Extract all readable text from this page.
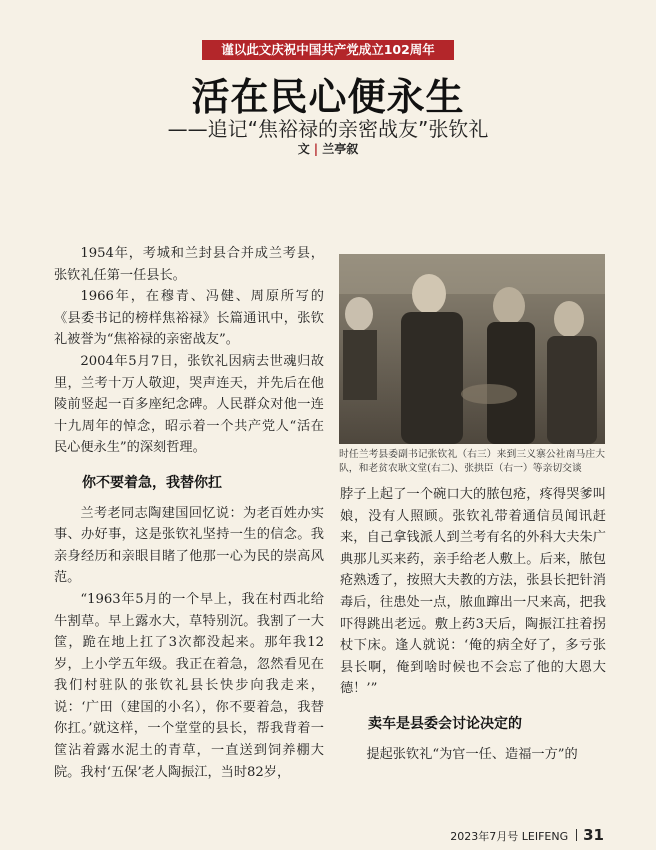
谨以此文庆祝中国共产党成立102周年
活在民心便永生
——追记“焦裕禄的亲密战友”张钦礼
文 | 兰亭叙

1954年，考城和兰封县合并成兰考县，张钦礼任第一任县长。

1966年，在穆青、冯健、周原所写的《县委书记的榜样焦裕禄》长篇通讯中，张钦礼被誉为“焦裕禄的亲密战友”。

2004年5月7日，张钦礼因病去世魂归故里，兰考十万人敬迎，哭声连天，并先后在他陵前竖起一百多座纪念碑。人民群众对他一连十九周年的悼念，昭示着一个共产党人“活在民心便永生”的深刻哲理。

你不要着急，我替你扛

兰考老同志陶建国回忆说：为老百姓办实事、办好事，这是张钦礼坚持一生的信念。我亲身经历和亲眼目睹了他那一心为民的崇高风范。

“1963年5月的一个早上，我在村西北给牛割草。早上露水大，草特别沉。我割了一大筐，跪在地上扛了3次都没起来。那年我12岁，上小学五年级。我正在着急，忽然看见在我们村驻队的张钦礼县长快步向我走来，说：‘广田（建国的小名），你不要着急，我替你扛。’就这样，一个堂堂的县长，帮我背着一筐沾着露水泥土的青草，一直送到饲养棚大院。我村‘五保’老人陶振江，当时82岁，

时任兰考县委副书记张钦礼（右三）来到三义寨公社南马庄大队，和老贫农耿文堂(右二)、张拱臣（右一）等亲切交谈

脖子上起了一个碗口大的脓包疮，疼得哭爹叫娘，没有人照顾。张钦礼带着通信员闻讯赶来，自己拿钱派人到兰考有名的外科大夫朱广典那儿买来药，亲手给老人敷上。后来，脓包疮熟透了，按照大夫教的方法，张县长把针消毒后，往患处一点，脓血蹿出一尺来高，把我吓得跳出老远。敷上药3天后，陶振江拄着拐杖下床。逢人就说：‘俺的病全好了，多亏张县长啊，俺到啥时候也不会忘了他的大恩大德！’”

卖车是县委会讨论决定的

提起张钦礼“为官一任、造福一方”的

2023年7月号 LEIFENG 31
